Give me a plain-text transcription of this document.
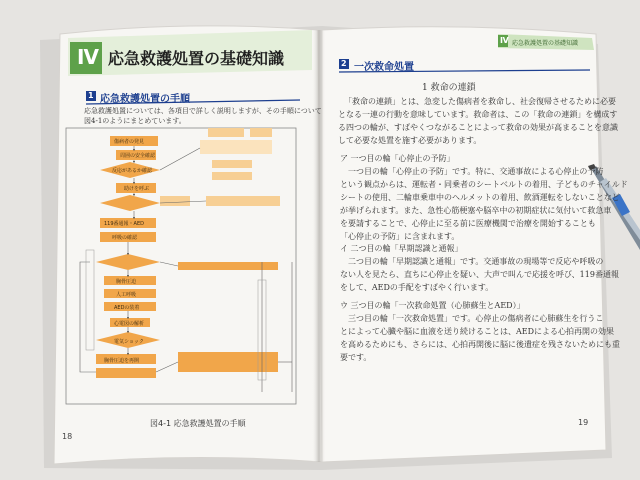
Ⅳ 応急救護処置の基礎知識
1 応急救護処置の手順
応急救護処置については、各項目で詳しく説明しますが、その手順について
図4-1のようにまとめています。
傷病者の発見
周囲の安全確認
反応があるか確認
助けを呼ぶ
119番通報・AED
呼吸の確認
胸骨圧迫
人工呼吸
AEDの装着
心電図の解析
電気ショック
胸骨圧迫を再開
図4-1 応急救護処置の手順
18
Ⅳ 応急救護処置の基礎知識
2 一次救命処置
1 救命の連鎖
「救命の連鎖」とは、急変した傷病者を救命し、社会復帰させるために必要
となる一連の行動を意味しています。救命者は、この「救命の連鎖」を構成す
る四つの輪が、すばやくつながることによって救命の効果が高まることを意識
して必要な処置を施す必要があります。
ア 一つ目の輪「心停止の予防」
一つ目の輪「心停止の予防」です。特に、交通事故による心停止の予防
という観点からは、運転者・同乗者のシートベルトの着用、子どものチャイルド
シートの使用、二輪車乗車中のヘルメットの着用、飲酒運転をしないことなど
が挙げられます。また、急性心筋梗塞や脳卒中の初期症状に気付いて救急車
を要請することで、心停止に至る前に医療機関で治療を開始することも
「心停止の予防」に含まれます。
イ 二つ目の輪「早期認識と通報」
二つ目の輪「早期認識と通報」です。交通事故の現場等で反応や呼吸の
ない人を見たら、直ちに心停止を疑い、大声で叫んで応援を呼び、119番通報
をして、AEDの手配をすばやく行います。
ウ 三つ目の輪「一次救命処置（心肺蘇生とAED）」
三つ目の輪「一次救命処置」です。心停止の傷病者に心肺蘇生を行うこ
とによって心臓や脳に血液を送り続けることは、AEDによる心拍再開の効果
を高めるためにも、さらには、心拍再開後に脳に後遺症を残さないためにも重
要です。
19
